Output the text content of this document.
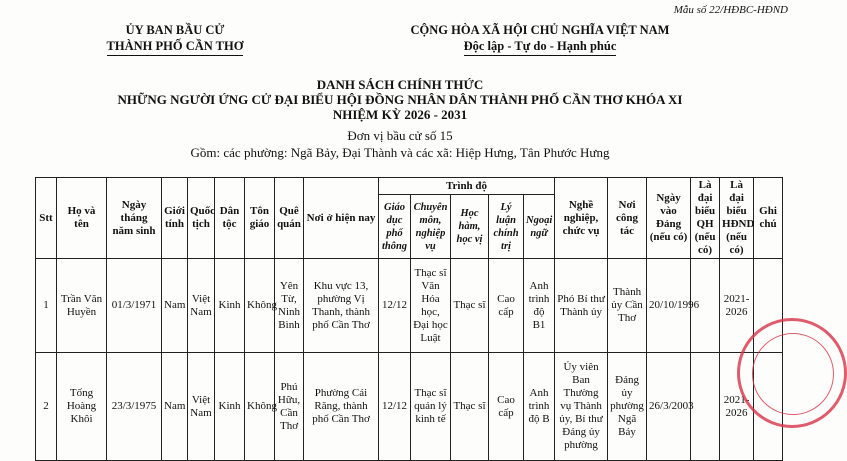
Mẫu số 22/HĐBC-HĐND
ỦY BAN BẦU CỬ
THÀNH PHỐ CẦN THƠ
CỘNG HÒA XÃ HỘI CHỦ NGHĨA VIỆT NAM
Độc lập - Tự do - Hạnh phúc
DANH SÁCH CHÍNH THỨC
NHỮNG NGƯỜI ỨNG CỬ ĐẠI BIỂU HỘI ĐỒNG NHÂN DÂN THÀNH PHỐ CẦN THƠ KHÓA XI
NHIỆM KỲ 2026 - 2031
Đơn vị bầu cử số 15
Gồm: các phường: Ngã Bảy, Đại Thành và các xã: Hiệp Hưng, Tân Phước Hưng
Stt	Họ và tên	Ngày tháng năm sinh	Giới tính	Quốc tịch	Dân tộc	Tôn giáo	Quê quán	Nơi ở hiện nay	Trình độ					Nghề nghiệp, chức vụ	Nơi công tác	Ngày vào Đảng (nếu có)	Là đại biểu QH (nếu có)	Là đại biểu HĐND (nếu có)	Ghi chú
									Giáo dục phổ thông	Chuyên môn, nghiệp vụ	Học hàm, học vị	Lý luận chính trị	Ngoại ngữ						
1	Trần Văn Huyền	01/3/1971	Nam	Việt Nam	Kinh	Không	Yên Từ, Ninh Bình	Khu vực 13, phường Vị Thanh, thành phố Cần Thơ	12/12	Thạc sĩ Văn Hóa học, Đại học Luật	Thạc sĩ	Cao cấp	Anh trình độ B1	Phó Bí thư Thành ủy	Thành ủy Cần Thơ	20/10/1996		2021-2026	
2	Tống Hoàng Khôi	23/3/1975	Nam	Việt Nam	Kinh	Không	Phú Hữu, Cần Thơ	Phường Cái Răng, thành phố Cần Thơ	12/12	Thạc sĩ quản lý kinh tế	Thạc sĩ	Cao cấp	Anh trình độ B	Ủy viên Ban Thường vụ Thành ủy, Bí thư Đảng ủy phường	Đảng ủy phường Ngã Bảy	26/3/2003		2021-2026	
